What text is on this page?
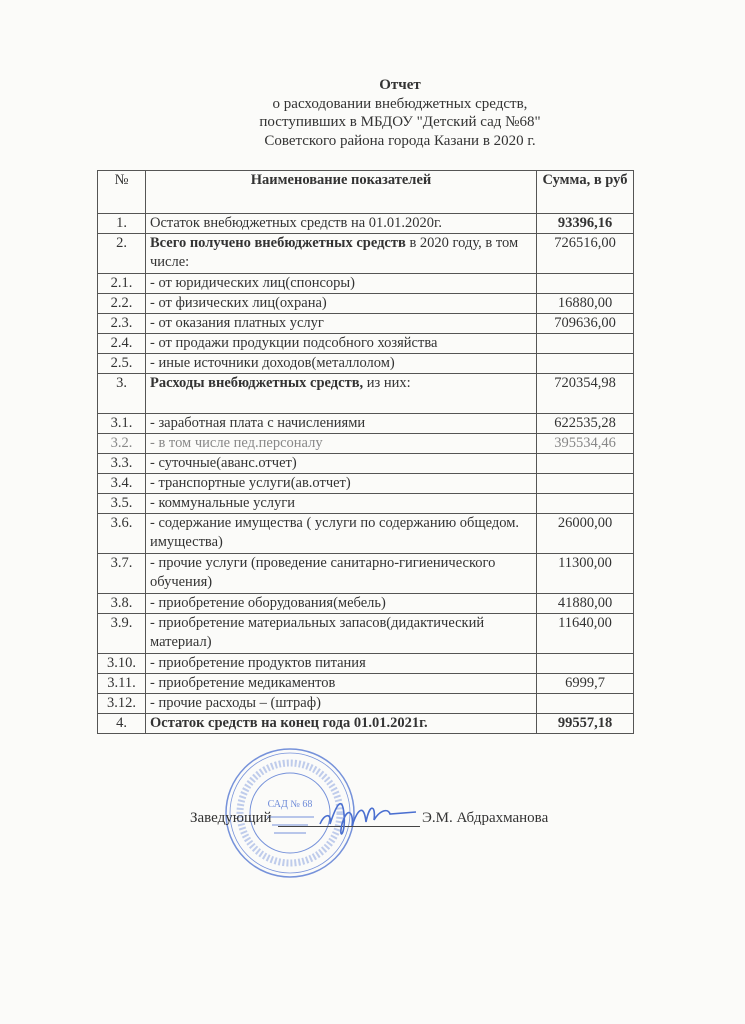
Отчет
о расходовании внебюджетных средств,
поступивших в МБДОУ "Детский сад №68"
Советского района города Казани в 2020 г.
№	Наименование показателей	Сумма, в руб
1.	Остаток внебюджетных средств на 01.01.2020г.	93396,16
2.	Всего получено внебюджетных средств в 2020 году, в том числе:	726516,00
2.1.	- от юридических лиц(спонсоры)	
2.2.	- от физических лиц(охрана)	16880,00
2.3.	- от оказания платных услуг	709636,00
2.4.	- от продажи продукции подсобного хозяйства	
2.5.	- иные источники доходов(металлолом)	
3.	Расходы внебюджетных средств, из них:	720354,98
3.1.	- заработная плата с начислениями	622535,28
3.2.	- в том числе пед.персоналу	395534,46
3.3.	- суточные(аванс.отчет)	
3.4.	- транспортные услуги(ав.отчет)	
3.5.	- коммунальные услуги	
3.6.	- содержание имущества ( услуги по содержанию общедом. имущества)	26000,00
3.7.	- прочие услуги (проведение санитарно-гигиенического обучения)	11300,00
3.8.	- приобретение оборудования(мебель)	41880,00
3.9.	- приобретение материальных запасов(дидактический материал)	11640,00
3.10.	- приобретение продуктов питания	
3.11.	- приобретение медикаментов	6999,7
3.12.	- прочие расходы – (штраф)	
4.	Остаток средств на конец года 01.01.2021г.	99557,18
САД № 68
Заведующий	Э.М. Абдрахманова
